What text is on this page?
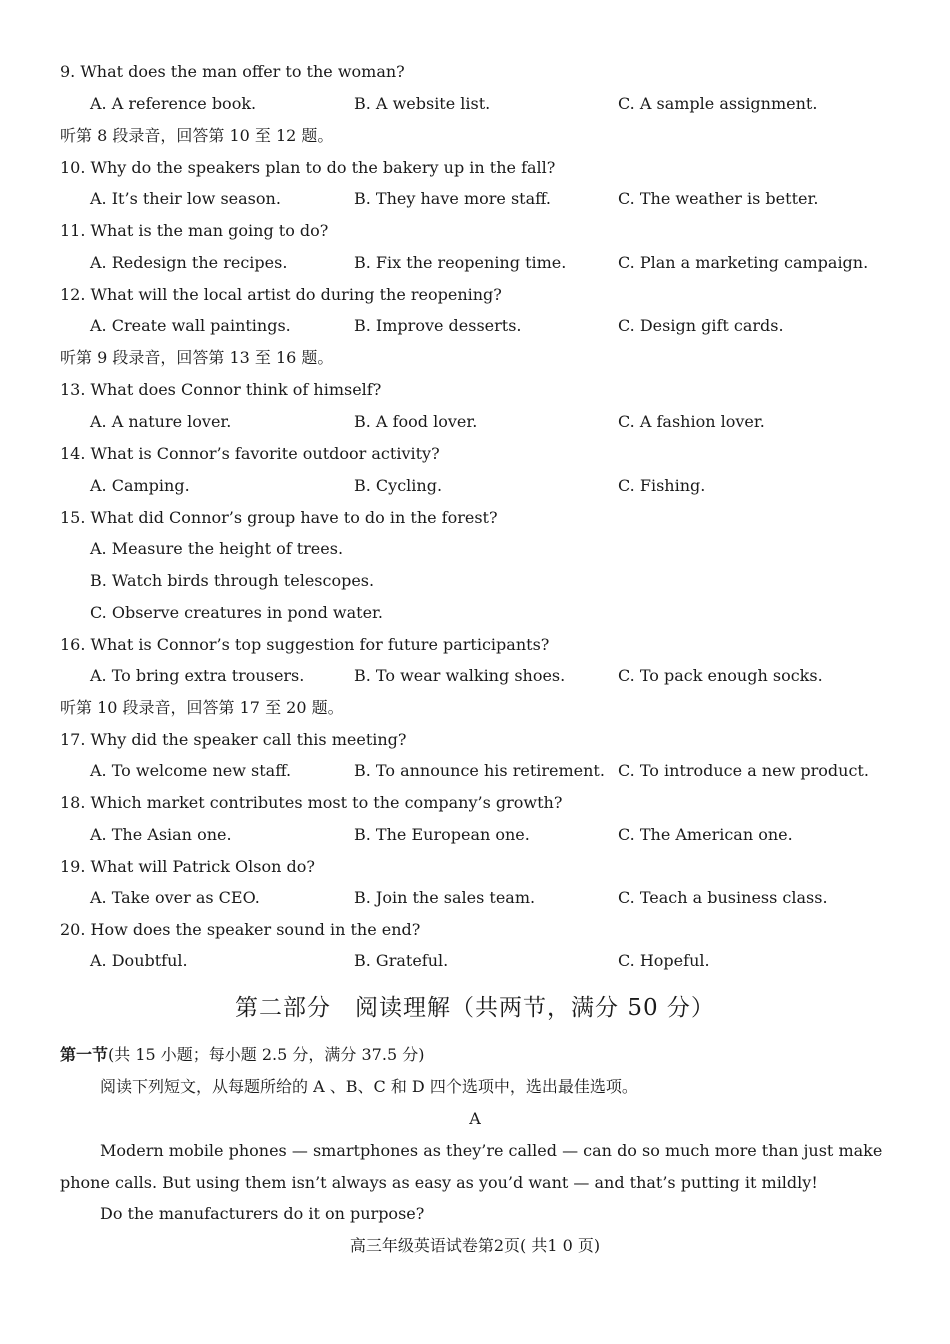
9. What does the man offer to the woman?
A. A reference book.	B. A website list.	C. A sample assignment.
听第 8 段录音，回答第 10 至 12 题。
10. Why do the speakers plan to do the bakery up in the fall?
A. It’s their low season.	B. They have more staff.	C. The weather is better.
11. What is the man going to do?
A. Redesign the recipes.	B. Fix the reopening time.	C. Plan a marketing campaign.
12. What will the local artist do during the reopening?
A. Create wall paintings.	B. Improve desserts.	C. Design gift cards.
听第 9 段录音，回答第 13 至 16 题。
13. What does Connor think of himself?
A. A nature lover.	B. A food lover.	C. A fashion lover.
14. What is Connor’s favorite outdoor activity?
A. Camping.	B. Cycling.	C. Fishing.
15. What did Connor’s group have to do in the forest?
A. Measure the height of trees.
B. Watch birds through telescopes.
C. Observe creatures in pond water.
16. What is Connor’s top suggestion for future participants?
A. To bring extra trousers.	B. To wear walking shoes.	C. To pack enough socks.
听第 10 段录音，回答第 17 至 20 题。
17. Why did the speaker call this meeting?
A. To welcome new staff.	B. To announce his retirement. C. To introduce a new product.
18. Which market contributes most to the company’s growth?
A. The Asian one.	B. The European one.	C. The American one.
19. What will Patrick Olson do?
A. Take over as CEO.	B. Join the sales team.	C. Teach a business class.
20. How does the speaker sound in the end?
A. Doubtful.	B. Grateful.	C. Hopeful.
第二部分　阅读理解（共两节，满分 50 分）
第一节(共 15 小题；每小题 2.5 分，满分 37.5 分)
阅读下列短文，从每题所给的 A 、B、C 和 D 四个选项中，选出最佳选项。
A
Modern mobile phones — smartphones as they’re called — can do so much more than just make
phone calls. But using them isn’t always as easy as you’d want — and that’s putting it mildly!
Do the manufacturers do it on purpose?
高三年级英语试卷第2页( 共1 0 页)
